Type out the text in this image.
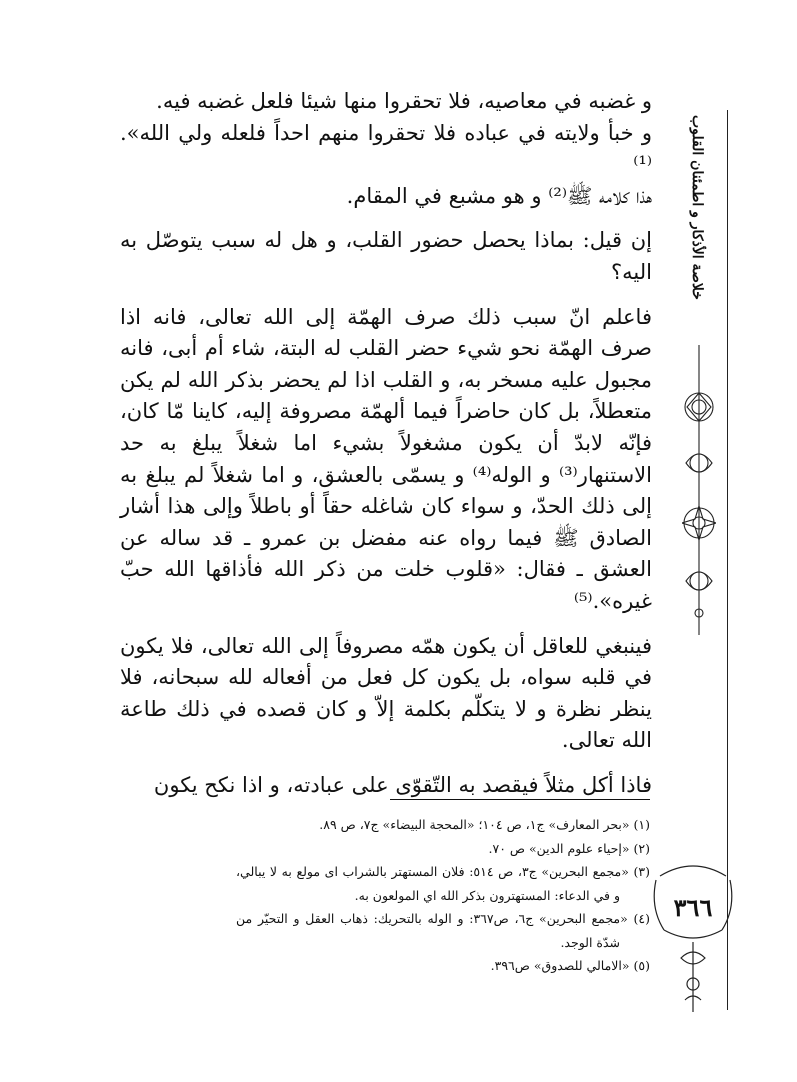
خلاصة الأذكار و اطمئنان القلوب
٣٦٦

و غضبه في معاصيه، فلا تحقروا منها شيئا فلعل غضبه فيه.

و خبأ ولايته في عباده فلا تحقروا منهم احداً فلعله ولي الله».⁽¹⁾

هذا كلامه ﷺ⁽²⁾ و هو مشبع في المقام.

إن قيل: بماذا يحصل حضور القلب، و هل له سبب يتوصّل به اليه؟

فاعلم انّ سبب ذلك صرف الهمّة إلى الله تعالى، فانه اذا صرف الهمّة نحو شيء حضر القلب له البتة، شاء أم أبى، فانه مجبول عليه مسخر به، و القلب اذا لم يحضر بذكر الله لم يكن متعطلاً، بل كان حاضراً فيما ألهمّة مصروفة إليه، كاينا مّا كان، فإنّه لابدّ أن يكون مشغولاً بشيء اما شغلاً يبلغ به حد الاستنهار⁽³⁾ و الوله⁽⁴⁾ و يسمّى بالعشق، و اما شغلاً لم يبلغ به إلى ذلك الحدّ، و سواء كان شاغله حقاً أو باطلاً وإلى هذا أشار الصادق ﷺ فيما رواه عنه مفضل بن عمرو ـ قد ساله عن العشق ـ فقال: «قلوب خلت من ذكر الله فأذاقها الله حبّ غيره».⁽⁵⁾

فينبغي للعاقل أن يكون همّه مصروفاً إلى الله تعالى، فلا يكون في قلبه سواه، بل يكون كل فعل من أفعاله لله سبحانه، فلا ينظر نظرة و لا يتكلّم بكلمة إلاّ و كان قصده في ذلك طاعة الله تعالى.

فاذا أكل مثلاً فيقصد به التّقوّى على عبادته، و اذا نكح يكون

(١) «بحر المعارف» ج١، ص ١٠٤؛ «المحجة البيضاء» ج٧، ص ٨٩.

(٢) «إحياء علوم الدين» ص ٧٠.

(٣) «مجمع البحرين» ج٣، ص ٥١٤: فلان المستهتر بالشراب اى مولع به لا يبالي، و في الدعاء: المستهترون بذكر الله اي المولعون به.

(٤) «مجمع البحرين» ج٦، ص٣٦٧: و الوله بالتحريك: ذهاب العقل و التحيّر من شدّة الوجد.

(٥) «الامالي للصدوق» ص٣٩٦.
